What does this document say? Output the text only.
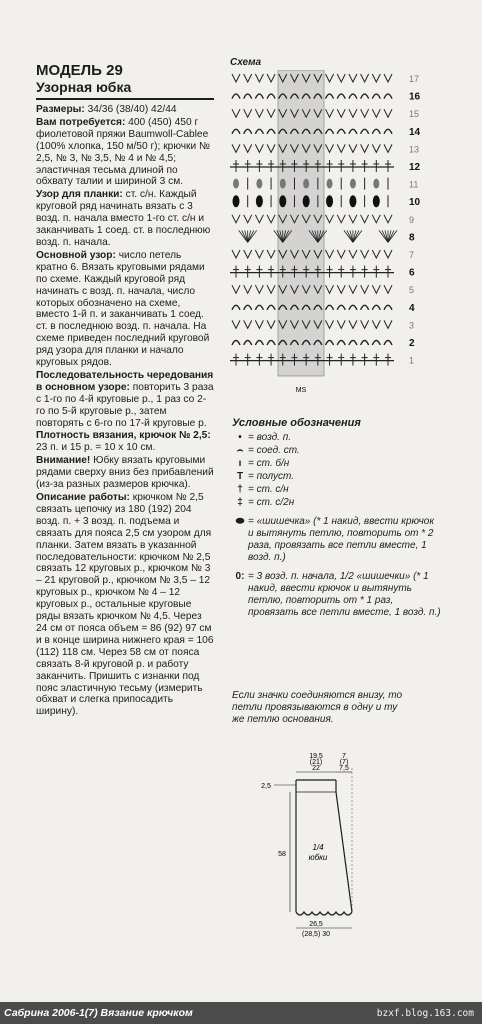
МОДЕЛЬ 29

Узорная юбка

Размеры: 34/36 (38/40) 42/44

Вам потребуется: 400 (450) 450 г фиолетовой пряжи Baumwoll-Cablee (100% хлопка, 150 м/50 г); крючки № 2,5, № 3, № 3,5, № 4 и № 4,5; эластичная тесьма длиной по обхвату талии и шириной 3 см.

Узор для планки: ст. с/н. Каждый круговой ряд начинать вязать с 3 возд. п. начала вместо 1-го ст. с/н и заканчивать 1 соед. ст. в последнюю возд. п. начала.

Основной узор: число петель кратно 6. Вязать круговыми рядами по схеме. Каждый круговой ряд начинать с возд. п. начала, число которых обозначено на схеме, вместо 1-й п. и заканчивать 1 соед. ст. в последнюю возд. п. начала. На схеме приведен последний круговой ряд узора для планки и начало круговых рядов.

Последовательность чередования в основном узоре: повторить 3 раза с 1-го по 4-й круговые р., 1 раз со 2-го по 5-й круговые р., затем повторять с 6-го по 17-й круговые р.

Плотность вязания, крючок № 2,5: 23 п. и 15 р. = 10 х 10 см.

Внимание! Юбку вязать круговыми рядами сверху вниз без прибавлений (из-за разных размеров крючка).

Описание работы: крючком № 2,5 связать цепочку из 180 (192) 204 возд. п. + 3 возд. п. подъема и связать для пояса 2,5 см узором для планки. Затем вязать в указанной последовательности: крючком № 2,5 связать 12 круговых р., крючком № 3 – 21 круговой р., крючком № 3,5 – 12 круговых р., крючком № 4 – 12 круговых р., остальные круговые ряды вязать крючком № 4,5. Через 24 см от пояса объем = 86 (92) 97 см и в конце ширина нижнего края = 106 (112) 118 см. Через 58 см от пояса связать 8-й круговой р. и работу заканчить. Пришить с изнанки под пояс эластичную тесьму (измерить обхват и слегка припосадить ширину).

Схема
17
16
15
14
13
12
11
10
9
8
7
6
5
4
3
2
1
MS

Условные обозначения

• = возд. п.
⌢ = соед. ст.
ı = ст. б/н
T = полуст.
† = ст. с/н
‡ = ст. с/2н
⬬ = «шишечка» (* 1 накид, ввести крючок и вытянуть петлю, повторить от * 2 раза, провязать все петли вместе, 1 возд. п.)
0: = 3 возд. п. начала, 1/2 «шишечки» (* 1 накид, ввести крючок и вытянуть петлю, повторить от * 1 раз, провязать все петли вместе, 1 возд. п.)
Если значки соединяются внизу, то петли провязываются в одну и ту же петлю основания.
19,5
(21)
22
7
(7)
7,5
2,5
58
1/4
юбки
26,5
(28,5) 30
Сабрина 2006-1(7) Вязание крючком	bzxf.blog.163.com
